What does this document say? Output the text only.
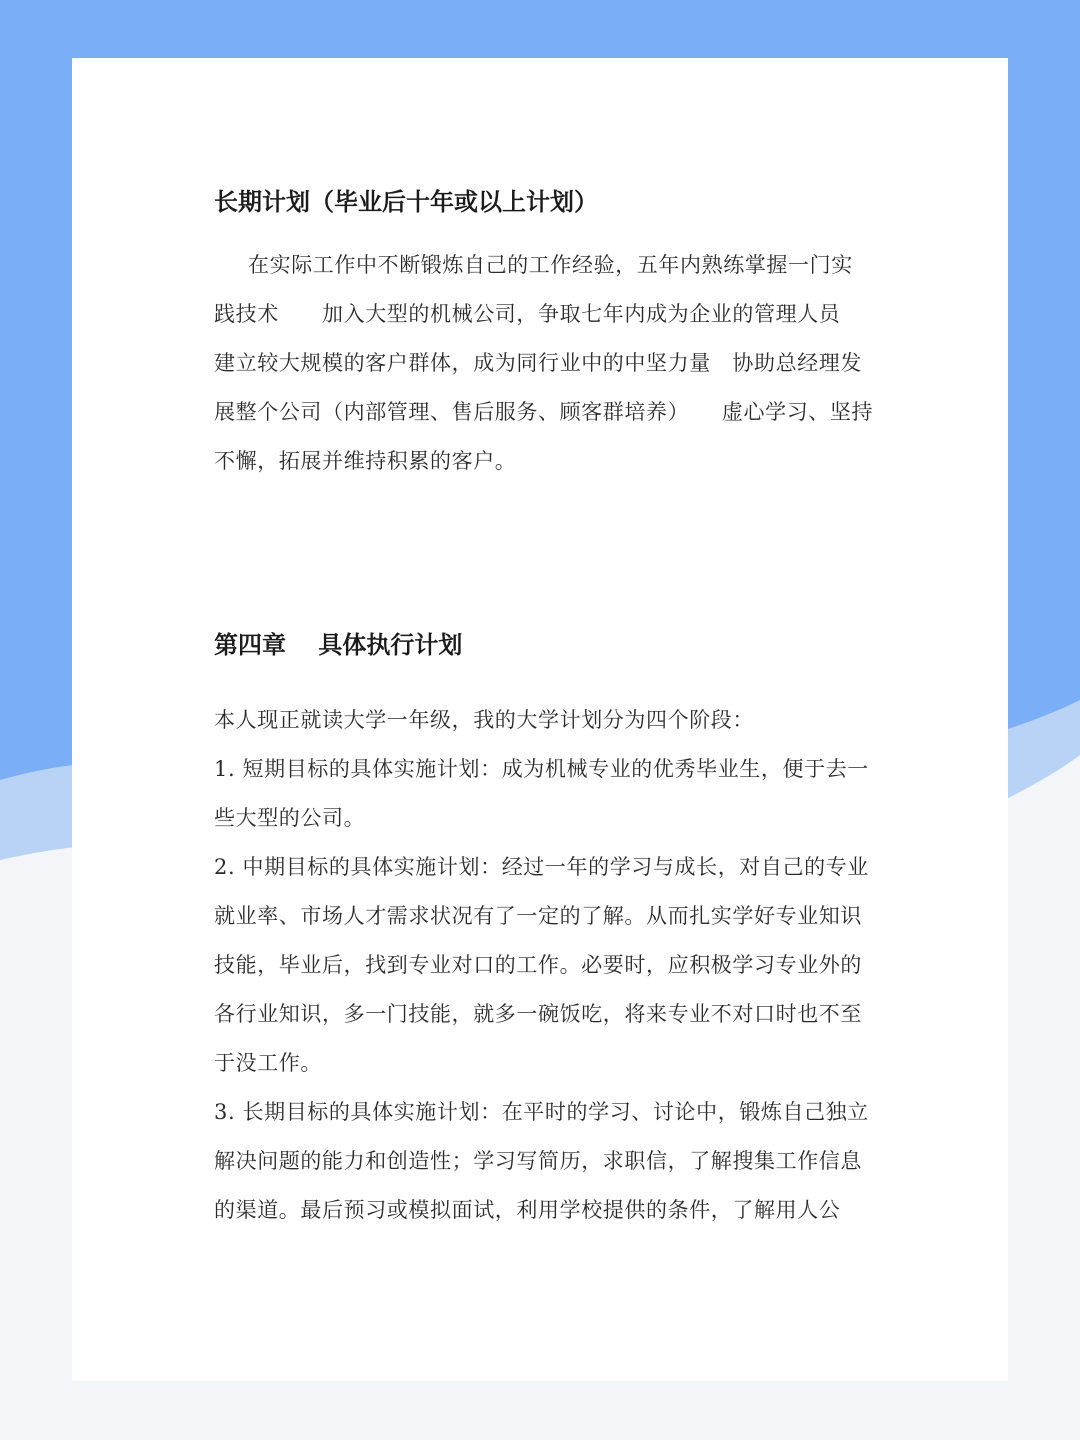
长期计划（毕业后十年或以上计划）

在实际工作中不断锻炼自己的工作经验，五年内熟练掌握一门实践技术　　加入大型的机械公司，争取七年内成为企业的管理人员　　建立较大规模的客户群体，成为同行业中的中坚力量　协助总经理发展整个公司（内部管理、售后服务、顾客群培养）　　虚心学习、坚持不懈，拓展并维持积累的客户。

第四章　 具体执行计划

本人现正就读大学一年级，我的大学计划分为四个阶段：

1. 短期目标的具体实施计划：成为机械专业的优秀毕业生，便于去一些大型的公司。

2. 中期目标的具体实施计划：经过一年的学习与成长，对自己的专业就业率、市场人才需求状况有了一定的了解。从而扎实学好专业知识技能，毕业后，找到专业对口的工作。必要时，应积极学习专业外的各行业知识，多一门技能，就多一碗饭吃，将来专业不对口时也不至于没工作。

3. 长期目标的具体实施计划：在平时的学习、讨论中，锻炼自己独立解决问题的能力和创造性；学习写简历，求职信，了解搜集工作信息的渠道。最后预习或模拟面试，利用学校提供的条件，了解用人公
